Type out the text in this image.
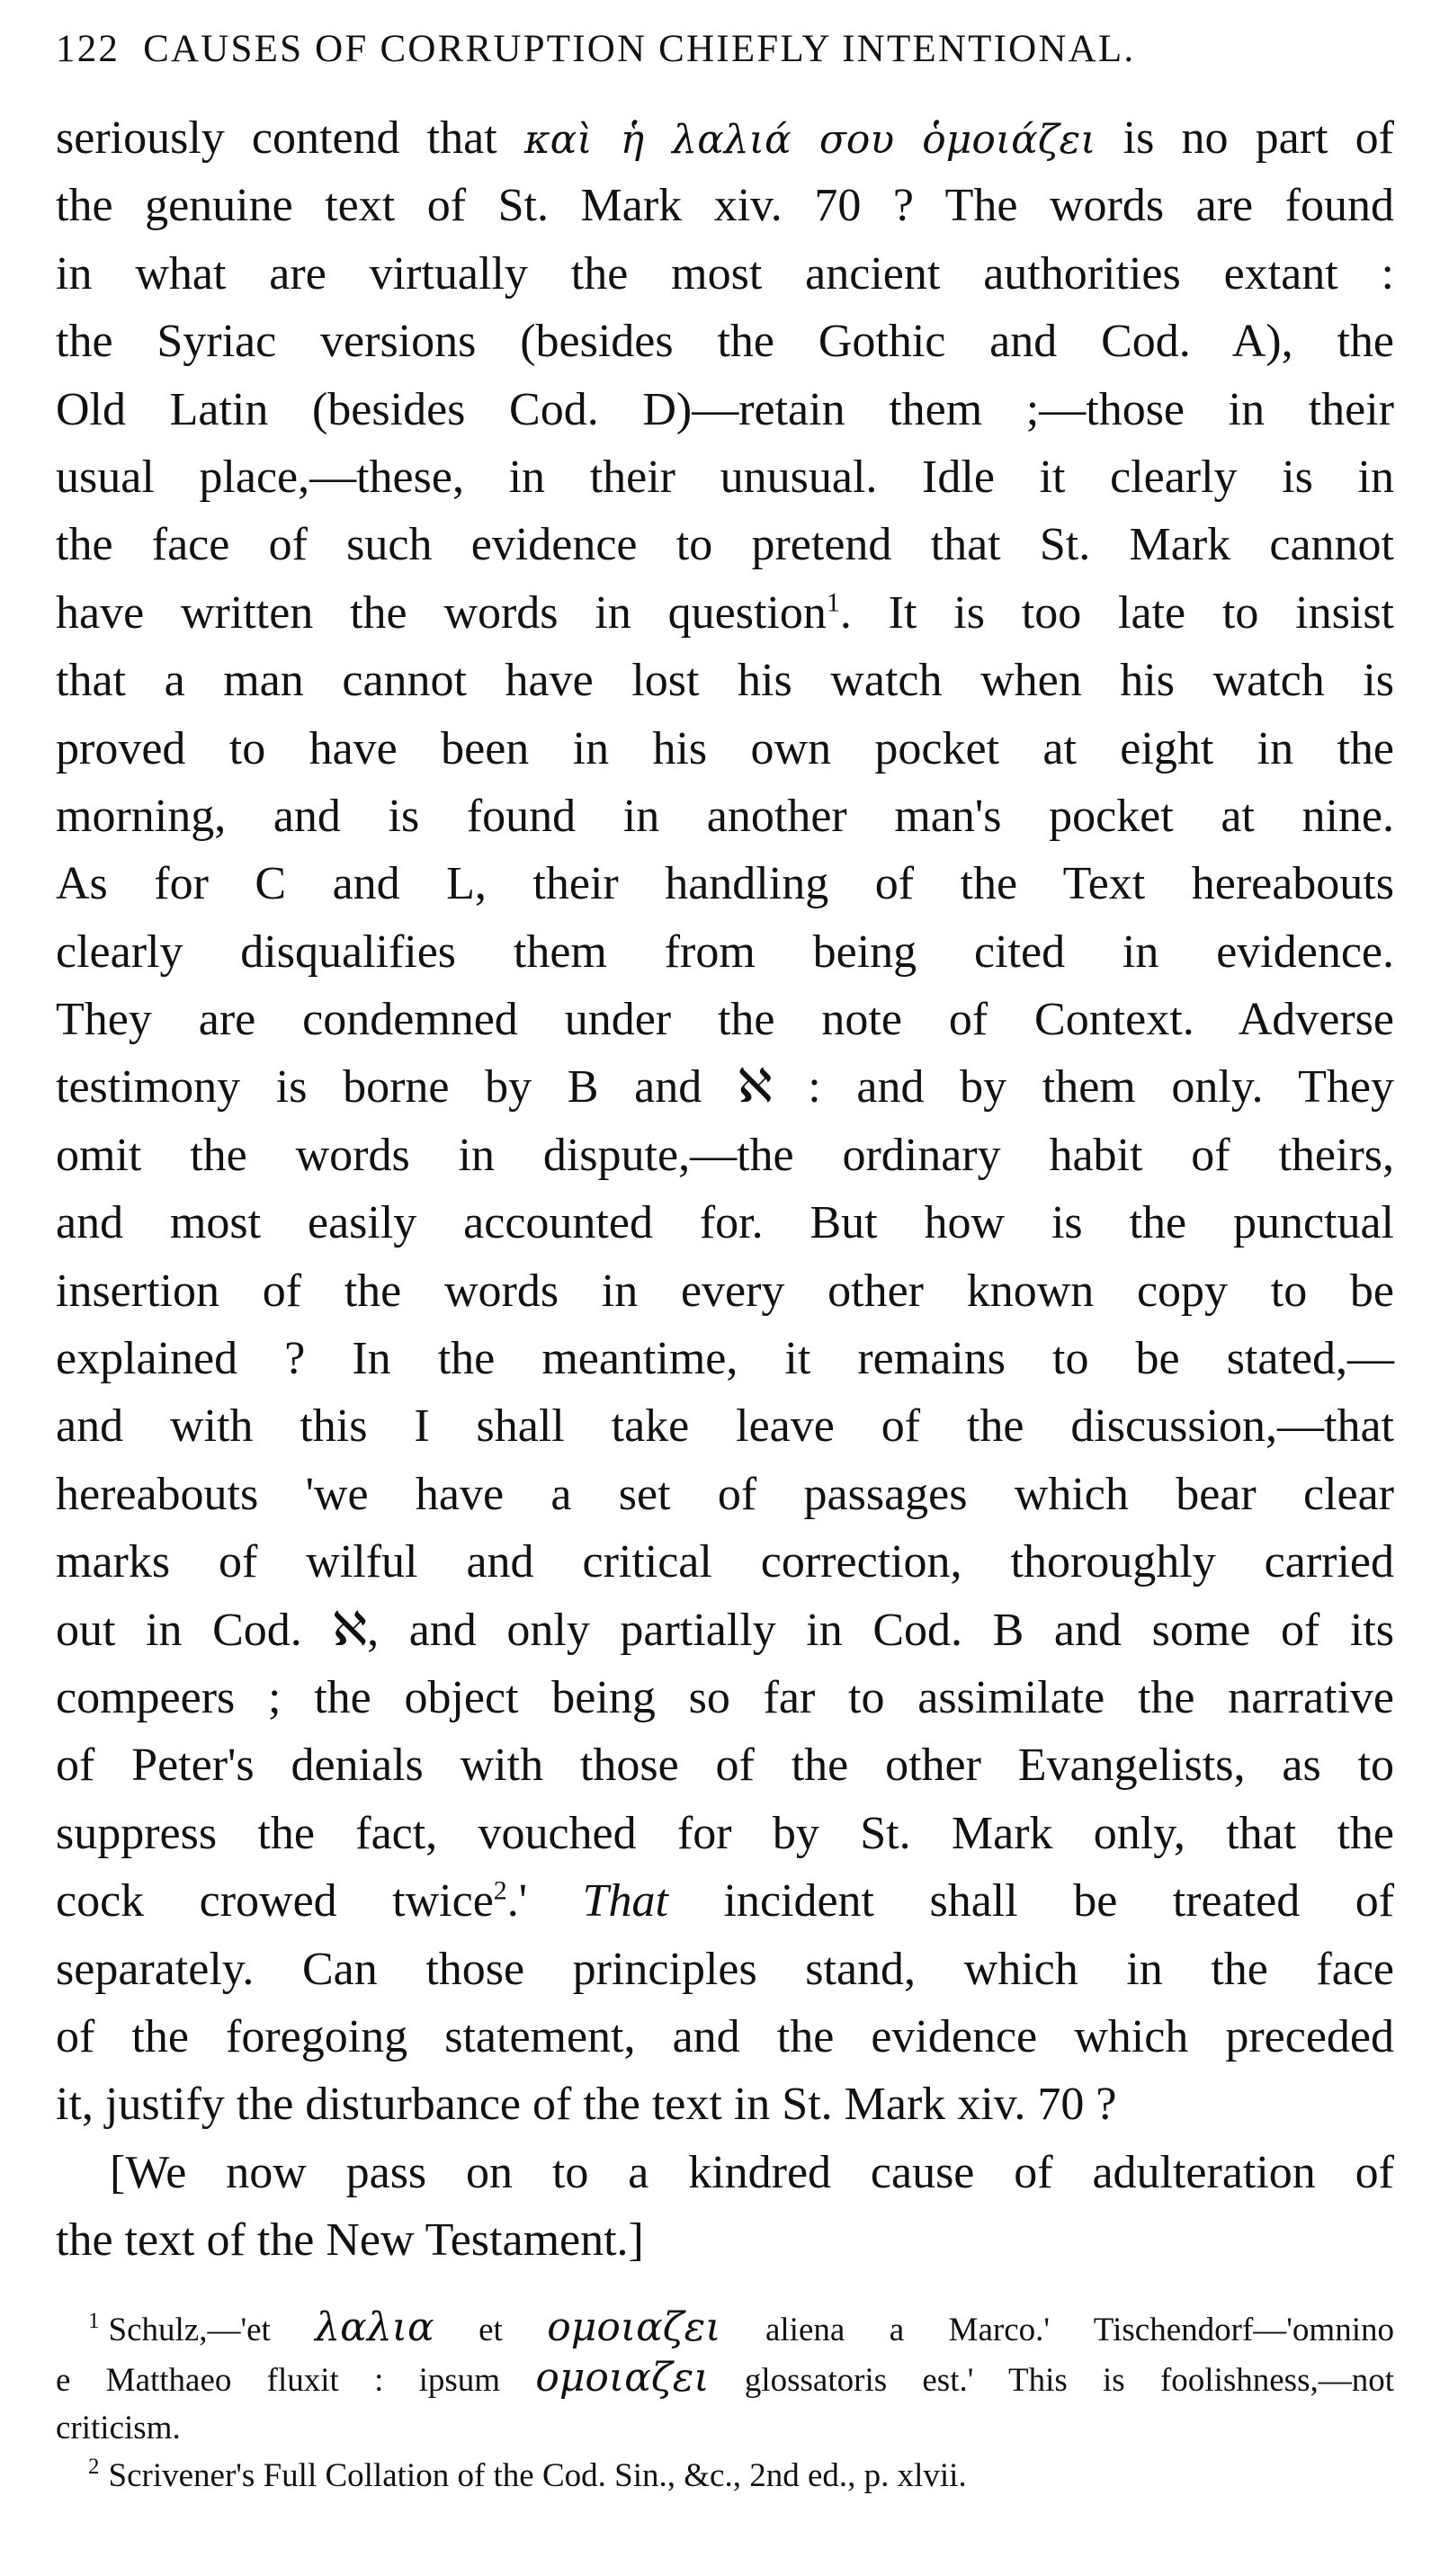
122 CAUSES OF CORRUPTION CHIEFLY INTENTIONAL.
seriously contend that καὶ ἡ λαλιά σου ὁμοιάζει is no part of
the genuine text of St. Mark xiv. 70 ? The words are found
in what are virtually the most ancient authorities extant :
the Syriac versions (besides the Gothic and Cod. A), the
Old Latin (besides Cod. D)—retain them ;—those in their
usual place,—these, in their unusual. Idle it clearly is in
the face of such evidence to pretend that St. Mark cannot
have written the words in question$^1$. It is too late to insist
that a man cannot have lost his watch when his watch is
proved to have been in his own pocket at eight in the
morning, and is found in another man's pocket at nine.
As for C and L, their handling of the Text hereabouts
clearly disqualifies them from being cited in evidence.
They are condemned under the note of Context. Adverse
testimony is borne by B and ℵ : and by them only. They
omit the words in dispute,—the ordinary habit of theirs,
and most easily accounted for. But how is the punctual
insertion of the words in every other known copy to be
explained ? In the meantime, it remains to be stated,—
and with this I shall take leave of the discussion,—that
hereabouts 'we have a set of passages which bear clear
marks of wilful and critical correction, thoroughly carried
out in Cod. ℵ, and only partially in Cod. B and some of its
compeers ; the object being so far to assimilate the narrative
of Peter's denials with those of the other Evangelists, as to
suppress the fact, vouched for by St. Mark only, that the
cock crowed twice$^2$.' That incident shall be treated of
separately. Can those principles stand, which in the face
of the foregoing statement, and the evidence which preceded
it, justify the disturbance of the text in St. Mark xiv. 70 ?
[We now pass on to a kindred cause of adulteration of
the text of the New Testament.]
$^1$ Schulz,—'et λαλια et ομοιαζει aliena a Marco.' Tischendorf—'omnino
e Matthaeo fluxit : ipsum ομοιαζει glossatoris est.' This is foolishness,—not
criticism.
$^2$ Scrivener's Full Collation of the Cod. Sin., &c., 2nd ed., p. xlvii.
